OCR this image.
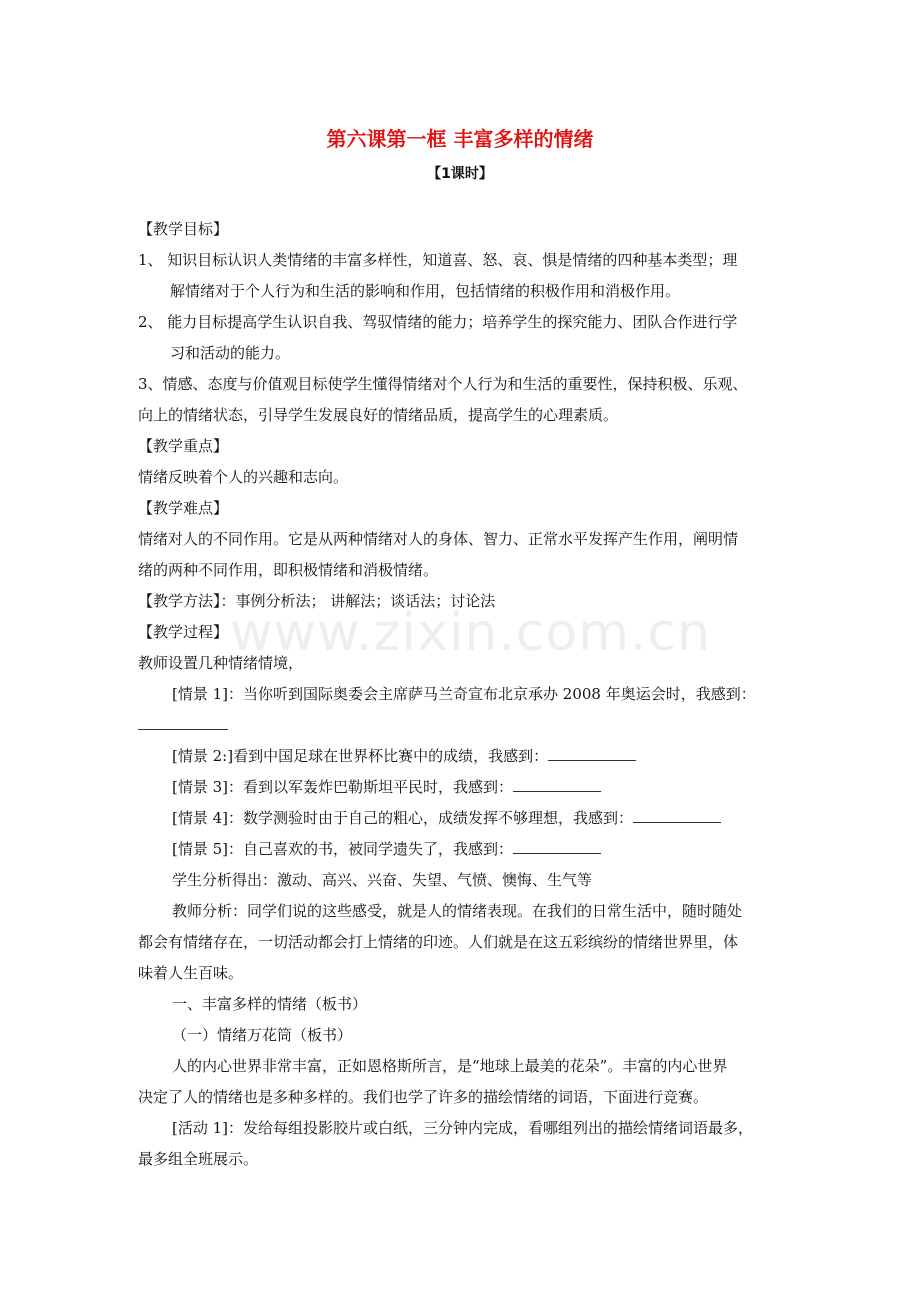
www.zixin.com.cn
第六课第一框 丰富多样的情绪
【1课时】
【教学目标】
1、 知识目标认识人类情绪的丰富多样性，知道喜、怒、哀、惧是情绪的四种基本类型；理
解情绪对于个人行为和生活的影响和作用，包括情绪的积极作用和消极作用。
2、 能力目标提高学生认识自我、驾驭情绪的能力；培养学生的探究能力、团队合作进行学
习和活动的能力。
3、情感、态度与价值观目标使学生懂得情绪对个人行为和生活的重要性，保持积极、乐观、
向上的情绪状态，引导学生发展良好的情绪品质，提高学生的心理素质。
【教学重点】
情绪反映着个人的兴趣和志向。
【教学难点】
情绪对人的不同作用。它是从两种情绪对人的身体、智力、正常水平发挥产生作用，阐明情
绪的两种不同作用，即积极情绪和消极情绪。
【教学方法】：事例分析法； 讲解法；谈话法；讨论法
【教学过程】
教师设置几种情绪情境，
[情景 1]：当你听到国际奥委会主席萨马兰奇宣布北京承办 2008 年奥运会时，我感到：
[情景 2:]看到中国足球在世界杯比赛中的成绩，我感到：
[情景 3]：看到以军轰炸巴勒斯坦平民时，我感到：
[情景 4]：数学测验时由于自己的粗心，成绩发挥不够理想，我感到：
[情景 5]：自己喜欢的书，被同学遗失了，我感到：
学生分析得出：激动、高兴、兴奋、失望、气愤、懊悔、生气等
教师分析：同学们说的这些感受，就是人的情绪表现。在我们的日常生活中，随时随处
都会有情绪存在，一切活动都会打上情绪的印迹。人们就是在这五彩缤纷的情绪世界里，体
味着人生百味。
一、丰富多样的情绪（板书）
（一）情绪万花筒（板书）
人的内心世界非常丰富，正如恩格斯所言，是“地球上最美的花朵”。丰富的内心世界
决定了人的情绪也是多种多样的。我们也学了许多的描绘情绪的词语，下面进行竞赛。
[活动 1]：发给每组投影胶片或白纸，三分钟内完成，看哪组列出的描绘情绪词语最多，
最多组全班展示。
